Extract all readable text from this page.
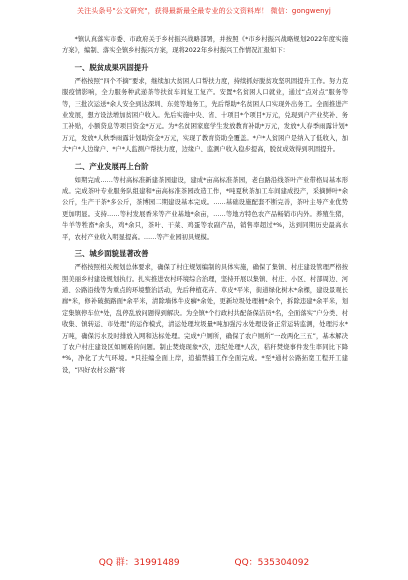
关注头条号"公文研究"，获得最新最全最专业的公文资料库！ 微信：gongwenyj

*镇认真落实市委、市政府关于乡村振兴战略部署，并按照《*市乡村振兴战略规划2022年度实施方案》，编制、落实全镇乡村振兴方案，现将2022年乡村振兴工作情况汇报如下：

一、脱贫成果巩固提升

严格按照“四个不摘”要求，继续加大贫困人口帮扶力度，持续抓好脱贫攻坚巩固提升工作。努力克服疫情影响，全力服务种武递茶等扶贫车间复工复产。安置*名贫困人口就业，通过“点对点”服务等等，三批次运送*余人安全到达深圳、东莞等地务工，先后帮助*名贫困人口实现外出务工。全面推进产业发展，想方设法增加贫困户收入。先后实施中央、省、十项目*个项目*万元，兑现到户产业奖补、务工补贴，小额贷息等项目资金*万元。为*名贫困家庭学生发放教育补助*万元，发放*人春季雨露计划*万元，发放*人秋季雨露计划助资金*万元，实现了教育资助全覆盖。*户*人贫困户是纳入了低收入，加大*户*人边缘户、*户*人监测户帮扶力度，边缘户、监测户收入稳步提高，脱贫成效得到巩固提升。

二、产业发展再上台阶

如期完成……等村高标准新建茶园建设，建成*亩高标准茶园，老白路沿线茶叶产业带格局基本形成。完成茶叶专业服务队组建和*亩高标准茶园改造工作，*吨夏秋茶加工车间建成投产，采摘鲜叶*余公斤，生产干茶*多公斤，茶博园二期建设基本完成。……基础设施配套不断完善，茶叶主导产业优势更加明显。支持……等村发展香米等产业基地*余亩，……等地方特色农产品畅销市内外。养殖生猪，牛羊等牲畜*余头，鸡*余只，茶叶、干菜、鸡蛋等农副产品，销售率超过*%，达到同期历史最高水平，农村产业收入明显提高。……等产业园初具规模。

三、城乡面貌显著改善

严格按照相关规划总体要求，确保了村庄规划编制的具体实施，确保了集镇、村庄建设管理严格按照美丽乡村建设规划执行。扎实推进农村环境综合治理，坚持开展以集镇、村庄、小区、村部周边、河道、公路沿线等为重点的环境整治活动，先后种植花卉、草皮*平米，街道绿化树木*余棵，建设景观长廊*米，修补破损路面*余平米，清除墙体牛皮癣*余处，更新垃圾处理桶*余个，拆除违建*余平米，划定集镇停车位*处，乱停乱放问题得到解决。为全镇*个行政村共配备保洁员*名，全面落实“户分类、村收集、镇转运、市处理”的运作模式，清运处理垃圾量*吨加强污水处理设备正常运转监测，处理污水*万吨，确保污水及时排放入网和达标处理。完成*户厕所，确保了农户厕所“一改两化三五”，基本解决了农户村庄建设区如厕难的问题。制止焚烧现象*次，违纪处理*人次，秸秆焚烧事件发生率同比下降*%，净化了大气环境。*只挂编全面上岸，追捕禁捕工作全面完成。*至*通村公路拓宽工程开工建设，“四好农村公路”将

QQ 群：31991489	QQ：535304092
